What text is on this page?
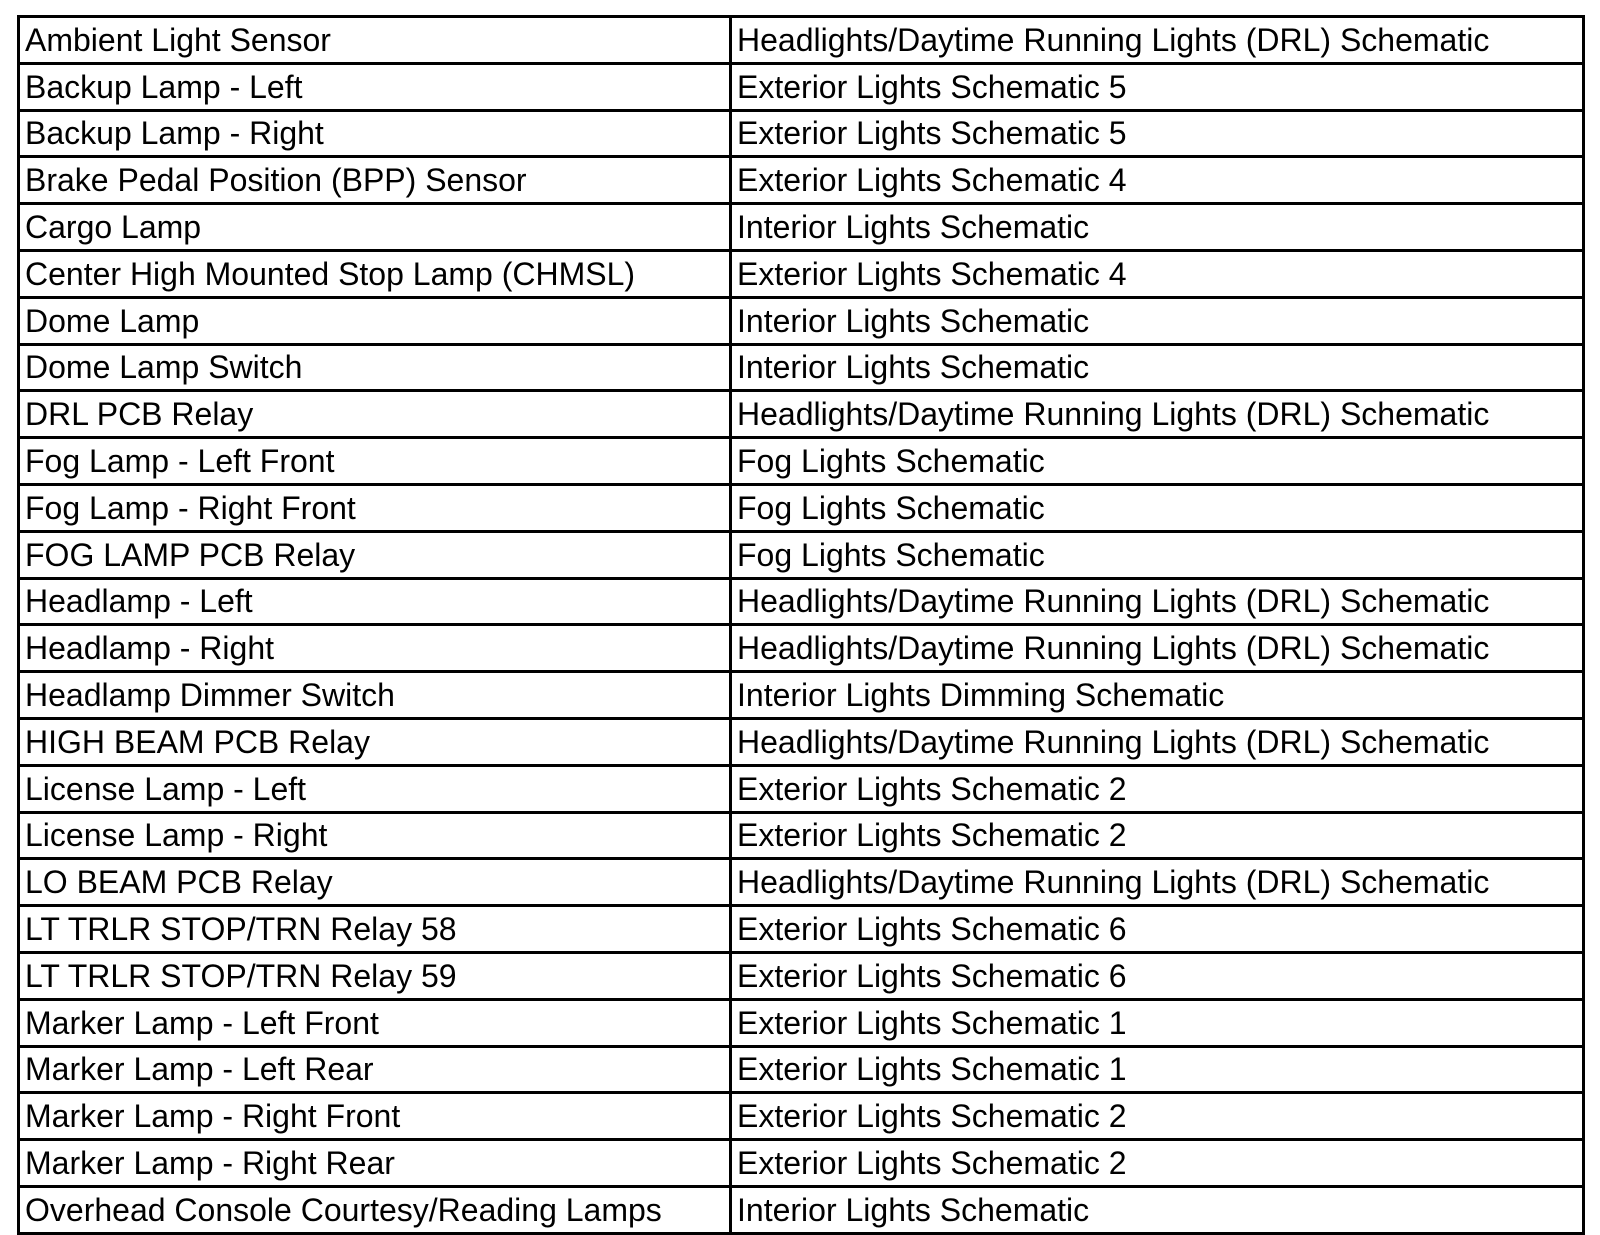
Ambient Light Sensor	Headlights/Daytime Running Lights (DRL) Schematic
Backup Lamp - Left	Exterior Lights Schematic 5
Backup Lamp - Right	Exterior Lights Schematic 5
Brake Pedal Position (BPP) Sensor	Exterior Lights Schematic 4
Cargo Lamp	Interior Lights Schematic
Center High Mounted Stop Lamp (CHMSL)	Exterior Lights Schematic 4
Dome Lamp	Interior Lights Schematic
Dome Lamp Switch	Interior Lights Schematic
DRL PCB Relay	Headlights/Daytime Running Lights (DRL) Schematic
Fog Lamp - Left Front	Fog Lights Schematic
Fog Lamp - Right Front	Fog Lights Schematic
FOG LAMP PCB Relay	Fog Lights Schematic
Headlamp - Left	Headlights/Daytime Running Lights (DRL) Schematic
Headlamp - Right	Headlights/Daytime Running Lights (DRL) Schematic
Headlamp Dimmer Switch	Interior Lights Dimming Schematic
HIGH BEAM PCB Relay	Headlights/Daytime Running Lights (DRL) Schematic
License Lamp - Left	Exterior Lights Schematic 2
License Lamp - Right	Exterior Lights Schematic 2
LO BEAM PCB Relay	Headlights/Daytime Running Lights (DRL) Schematic
LT TRLR STOP/TRN Relay 58	Exterior Lights Schematic 6
LT TRLR STOP/TRN Relay 59	Exterior Lights Schematic 6
Marker Lamp - Left Front	Exterior Lights Schematic 1
Marker Lamp - Left Rear	Exterior Lights Schematic 1
Marker Lamp - Right Front	Exterior Lights Schematic 2
Marker Lamp - Right Rear	Exterior Lights Schematic 2
Overhead Console Courtesy/Reading Lamps	Interior Lights Schematic
